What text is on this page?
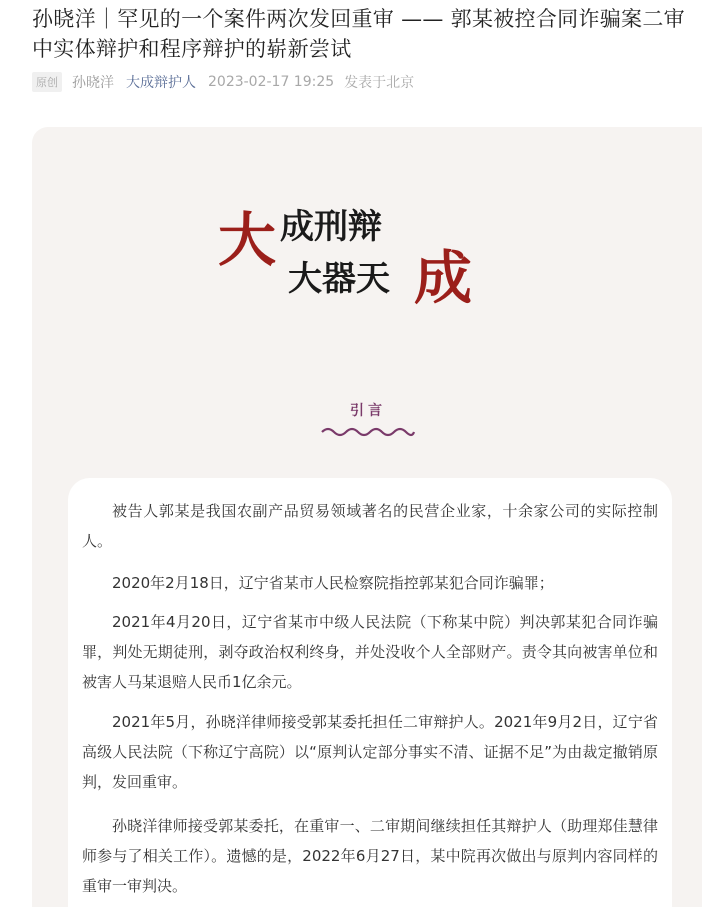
孙晓洋｜罕见的一个案件两次发回重审 —— 郭某被控合同诈骗案二审中实体辩护和程序辩护的崭新尝试
原创 孙晓洋 大成辩护人 2023-02-17 19:25 发表于北京
大 成刑辩
大器天 成
引言

被告人郭某是我国农副产品贸易领域著名的民营企业家，十余家公司的实际控制人。

2020年2月18日，辽宁省某市人民检察院指控郭某犯合同诈骗罪；

2021年4月20日，辽宁省某市中级人民法院（下称某中院）判决郭某犯合同诈骗罪，判处无期徒刑，剥夺政治权利终身，并处没收个人全部财产。责令其向被害单位和被害人马某退赔人民币1亿余元。

2021年5月，孙晓洋律师接受郭某委托担任二审辩护人。2021年9月2日，辽宁省高级人民法院（下称辽宁高院）以“原判认定部分事实不清、证据不足”为由裁定撤销原判，发回重审。

孙晓洋律师接受郭某委托，在重审一、二审期间继续担任其辩护人（助理郑佳慧律师参与了相关工作）。遗憾的是，2022年6月27日，某中院再次做出与原判内容同样的重审一审判决。
